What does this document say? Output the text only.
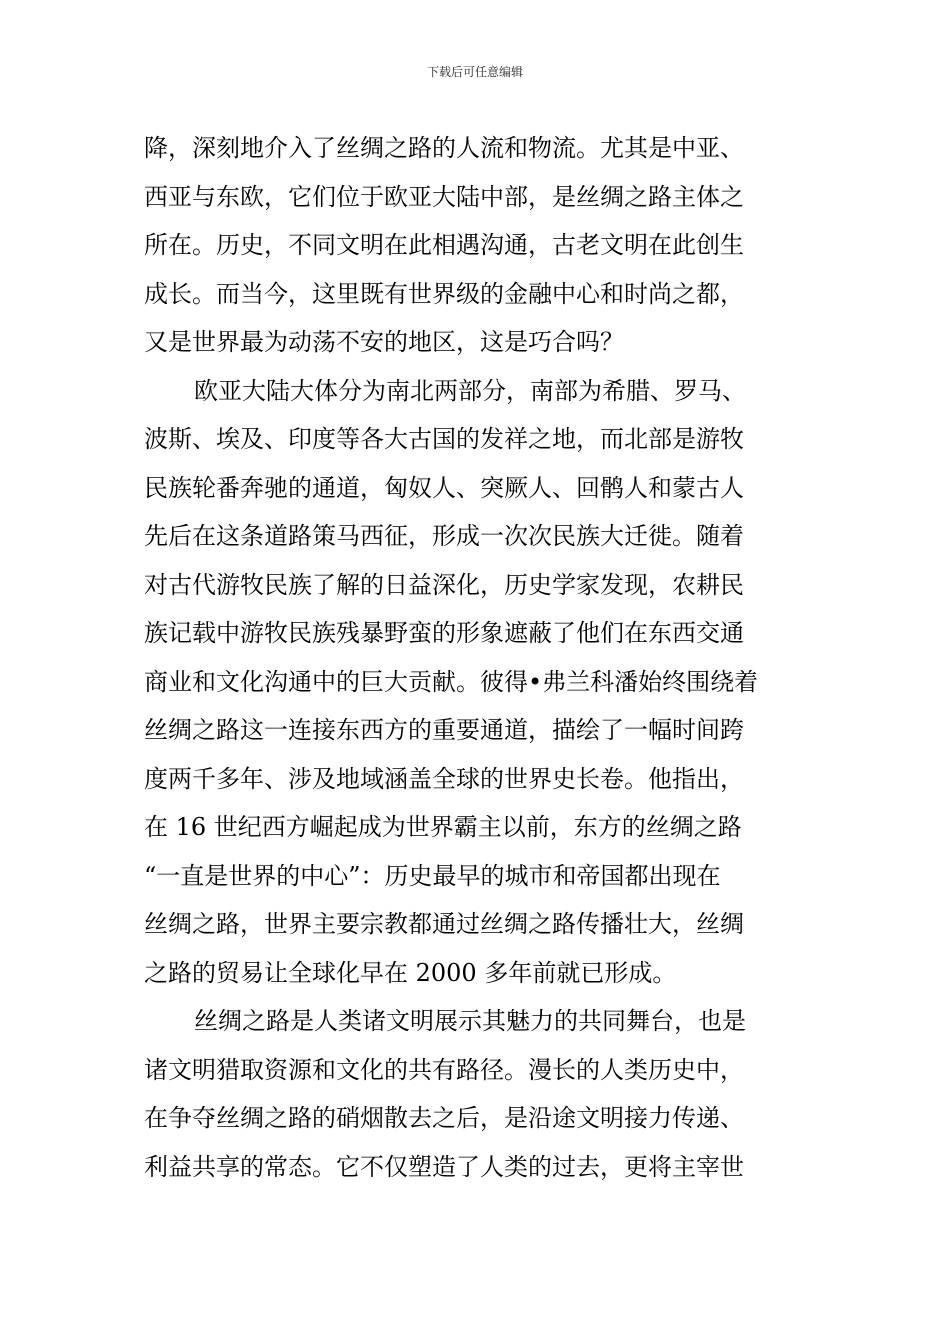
下载后可任意编辑
降，深刻地介入了丝绸之路的人流和物流。尤其是中亚、
西亚与东欧，它们位于欧亚大陆中部，是丝绸之路主体之
所在。历史，不同文明在此相遇沟通，古老文明在此创生
成长。而当今，这里既有世界级的金融中心和时尚之都，
又是世界最为动荡不安的地区，这是巧合吗？
欧亚大陆大体分为南北两部分，南部为希腊、罗马、
波斯、埃及、印度等各大古国的发祥之地，而北部是游牧
民族轮番奔驰的通道，匈奴人、突厥人、回鹘人和蒙古人
先后在这条道路策马西征，形成一次次民族大迁徙。随着
对古代游牧民族了解的日益深化，历史学家发现，农耕民
族记载中游牧民族残暴野蛮的形象遮蔽了他们在东西交通
商业和文化沟通中的巨大贡献。彼得•弗兰科潘始终围绕着
丝绸之路这一连接东西方的重要通道，描绘了一幅时间跨
度两千多年、涉及地域涵盖全球的世界史长卷。他指出，
在 16 世纪西方崛起成为世界霸主以前，东方的丝绸之路
“一直是世界的中心”：历史最早的城市和帝国都出现在
丝绸之路，世界主要宗教都通过丝绸之路传播壮大，丝绸
之路的贸易让全球化早在 2000 多年前就已形成。
丝绸之路是人类诸文明展示其魅力的共同舞台，也是
诸文明猎取资源和文化的共有路径。漫长的人类历史中，
在争夺丝绸之路的硝烟散去之后，是沿途文明接力传递、
利益共享的常态。它不仅塑造了人类的过去，更将主宰世
